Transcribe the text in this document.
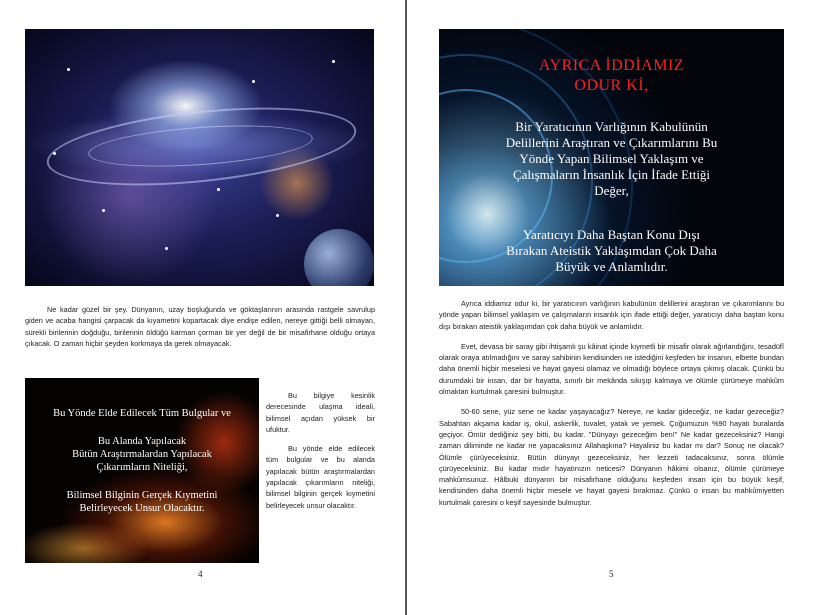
Ne kadar güzel bir şey. Dünyanın, uzay boşluğunda ve göktaşlarının arasında rastgele savrulup giden ve acaba hangisi çarpacak da kıyametini kopartacak diye endişe edilen, nereye gittiği belli olmayan, sürekli birilerinin doğduğu, birilerinin öldüğü karman çorman bir yer değil de bir misafirhane olduğu ortaya çıkacak. O zaman hiçbir şeyden korkmaya da gerek olmayacak.

Bu Yönde Elde Edilecek Tüm Bulgular ve
Bu Alanda Yapılacak
Bütün Araştırmalardan Yapılacak
Çıkarımların Niteliği,
Bilimsel Bilginin Gerçek Kıymetini
Belirleyecek Unsur Olacaktır.

Bu bilgiye kesinlik derecesinde ulaşma ideali, bilimsel açıdan yüksek bir ufuktur.

Bu yönde elde edilecek tüm bulgular ve bu alanda yapılacak bütün araştırmalardan yapılacak çıkarımların niteliği, bilimsel bilginin gerçek kıymetini belirleyecek unsur olacaktır.

4
AYRICA İDDİAMIZ
ODUR Kİ,
Bir Yaratıcının Varlığının Kabulünün
Delillerini Araştıran ve Çıkarımlarını Bu
Yönde Yapan Bilimsel Yaklaşım ve
Çalışmaların İnsanlık İçin İfade Ettiği
Değer,
Yaratıcıyı Daha Baştan Konu Dışı
Bırakan Ateistik Yaklaşımdan Çok Daha
Büyük ve Anlamlıdır.

Ayrıca iddiamız odur ki, bir yaratıcının varlığının kabulünün delillerini araştıran ve çıkarımlarını bu yönde yapan bilimsel yaklaşım ve çalışmaların insanlık için ifade ettiği değer, yaratıcıyı daha baştan konu dışı bırakan ateistik yaklaşımdan çok daha büyük ve anlamlıdır.

Evet, devasa bir saray gibi ihtişamlı şu kâinat içinde kıymetli bir misafir olarak ağırlandığını, tesadüfî olarak oraya atılmadığını ve saray sahibinin kendisinden ne istediğini keşfeden bir insanın, elbette bundan daha önemli hiçbir meselesi ve hayat gayesi olamaz ve olmadığı böylece ortaya çıkmış olacak. Çünkü bu durumdaki bir insan, dar bir hayatta, sınırlı bir mekânda sıkışıp kalmaya ve ölümle çürümeye mahkûm olmaktan kurtulmak çaresini bulmuştur.

50-60 sene, yüz sene ne kadar yaşayacağız? Nereye, ne kadar gideceğiz, ne kadar gezeceğiz? Sabahtan akşama kadar iş, okul, askerlik, tuvalet, yatak ve yemek. Çoğumuzun %90 hayatı buralarda geçiyor. Ömür dediğiniz şey bitti, bu kadar. "Dünyayı gezeceğim ben!" Ne kadar gezeceksiniz? Hangi zaman diliminde ne kadar ne yapacaksınız Allahaşkına? Hayaliniz bu kadar mı dar? Sonuç ne olacak? Ölümle çürüyeceksiniz. Bütün dünyayı gezeceksiniz, her lezzeti tadacaksınız, sonra ölümle çürüyeceksiniz. Bu kadar mıdır hayatınızın neticesi? Dünyanın hâkimi olsanız, ölümle çürümeye mahkûmsunuz. Hâlbuki dünyanın bir misafirhane olduğunu keşfeden insan için bu büyük keşif, kendisinden daha önemli hiçbir mesele ve hayat gayesi bırakmaz. Çünkü o insan bu mahkûmiyetten kurtulmak çaresini o keşif sayesinde bulmuştur.

5
